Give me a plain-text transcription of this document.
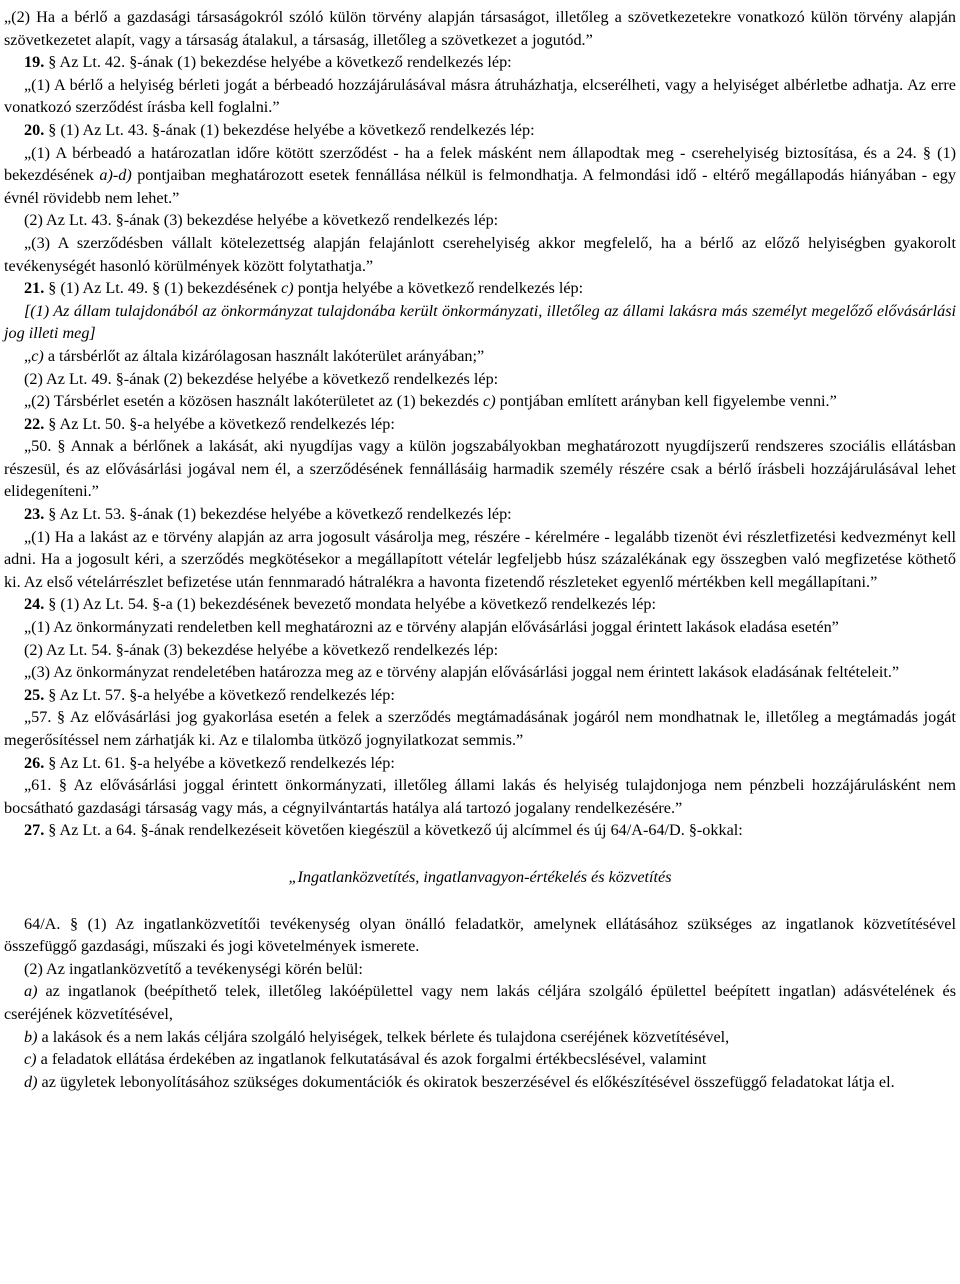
„(2) Ha a bérlő a gazdasági társaságokról szóló külön törvény alapján társaságot, illetőleg a szövetkezetekre vonatkozó külön törvény alapján szövetkezetet alapít, vagy a társaság átalakul, a társaság, illetőleg a szövetkezet a jogutód.”

19. § Az Lt. 42. §-ának (1) bekezdése helyébe a következő rendelkezés lép:

„(1) A bérlő a helyiség bérleti jogát a bérbeadó hozzájárulásával másra átruházhatja, elcserélheti, vagy a helyiséget albérletbe adhatja. Az erre vonatkozó szerződést írásba kell foglalni.”

20. § (1) Az Lt. 43. §-ának (1) bekezdése helyébe a következő rendelkezés lép:

„(1) A bérbeadó a határozatlan időre kötött szerződést - ha a felek másként nem állapodtak meg - cserehelyiség biztosítása, és a 24. § (1) bekezdésének a)-d) pontjaiban meghatározott esetek fennállása nélkül is felmondhatja. A felmondási idő - eltérő megállapodás hiányában - egy évnél rövidebb nem lehet.”

(2) Az Lt. 43. §-ának (3) bekezdése helyébe a következő rendelkezés lép:

„(3) A szerződésben vállalt kötelezettség alapján felajánlott cserehelyiség akkor megfelelő, ha a bérlő az előző helyiségben gyakorolt tevékenységét hasonló körülmények között folytathatja.”

21. § (1) Az Lt. 49. § (1) bekezdésének c) pontja helyébe a következő rendelkezés lép:

[(1) Az állam tulajdonából az önkormányzat tulajdonába került önkormányzati, illetőleg az állami lakásra más személyt megelőző elővásárlási jog illeti meg]

„c) a társbérlőt az általa kizárólagosan használt lakóterület arányában;”

(2) Az Lt. 49. §-ának (2) bekezdése helyébe a következő rendelkezés lép:

„(2) Társbérlet esetén a közösen használt lakóterületet az (1) bekezdés c) pontjában említett arányban kell figyelembe venni.”

22. § Az Lt. 50. §-a helyébe a következő rendelkezés lép:

„50. § Annak a bérlőnek a lakását, aki nyugdíjas vagy a külön jogszabályokban meghatározott nyugdíjszerű rendszeres szociális ellátásban részesül, és az elővásárlási jogával nem él, a szerződésének fennállásáig harmadik személy részére csak a bérlő írásbeli hozzájárulásával lehet elidegeníteni.”

23. § Az Lt. 53. §-ának (1) bekezdése helyébe a következő rendelkezés lép:

„(1) Ha a lakást az e törvény alapján az arra jogosult vásárolja meg, részére - kérelmére - legalább tizenöt évi részletfizetési kedvezményt kell adni. Ha a jogosult kéri, a szerződés megkötésekor a megállapított vételár legfeljebb húsz százalékának egy összegben való megfizetése köthető ki. Az első vételárrészlet befizetése után fennmaradó hátralékra a havonta fizetendő részleteket egyenlő mértékben kell megállapítani.”

24. § (1) Az Lt. 54. §-a (1) bekezdésének bevezető mondata helyébe a következő rendelkezés lép:

„(1) Az önkormányzati rendeletben kell meghatározni az e törvény alapján elővásárlási joggal érintett lakások eladása esetén”

(2) Az Lt. 54. §-ának (3) bekezdése helyébe a következő rendelkezés lép:

„(3) Az önkormányzat rendeletében határozza meg az e törvény alapján elővásárlási joggal nem érintett lakások eladásának feltételeit.”

25. § Az Lt. 57. §-a helyébe a következő rendelkezés lép:

„57. § Az elővásárlási jog gyakorlása esetén a felek a szerződés megtámadásának jogáról nem mondhatnak le, illetőleg a megtámadás jogát megerősítéssel nem zárhatják ki. Az e tilalomba ütköző jognyilatkozat semmis.”

26. § Az Lt. 61. §-a helyébe a következő rendelkezés lép:

„61. § Az elővásárlási joggal érintett önkormányzati, illetőleg állami lakás és helyiség tulajdonjoga nem pénzbeli hozzájárulásként nem bocsátható gazdasági társaság vagy más, a cégnyilvántartás hatálya alá tartozó jogalany rendelkezésére.”

27. § Az Lt. a 64. §-ának rendelkezéseit követően kiegészül a következő új alcímmel és új 64/A-64/D. §-okkal:

„Ingatlanközvetítés, ingatlanvagyon-értékelés és közvetítés

64/A. § (1) Az ingatlanközvetítői tevékenység olyan önálló feladatkör, amelynek ellátásához szükséges az ingatlanok közvetítésével összefüggő gazdasági, műszaki és jogi követelmények ismerete.

(2) Az ingatlanközvetítő a tevékenységi körén belül:

a) az ingatlanok (beépíthető telek, illetőleg lakóépülettel vagy nem lakás céljára szolgáló épülettel beépített ingatlan) adásvételének és cseréjének közvetítésével,

b) a lakások és a nem lakás céljára szolgáló helyiségek, telkek bérlete és tulajdona cseréjének közvetítésével,

c) a feladatok ellátása érdekében az ingatlanok felkutatásával és azok forgalmi értékbecslésével, valamint

d) az ügyletek lebonyolításához szükséges dokumentációk és okiratok beszerzésével és előkészítésével összefüggő feladatokat látja el.
